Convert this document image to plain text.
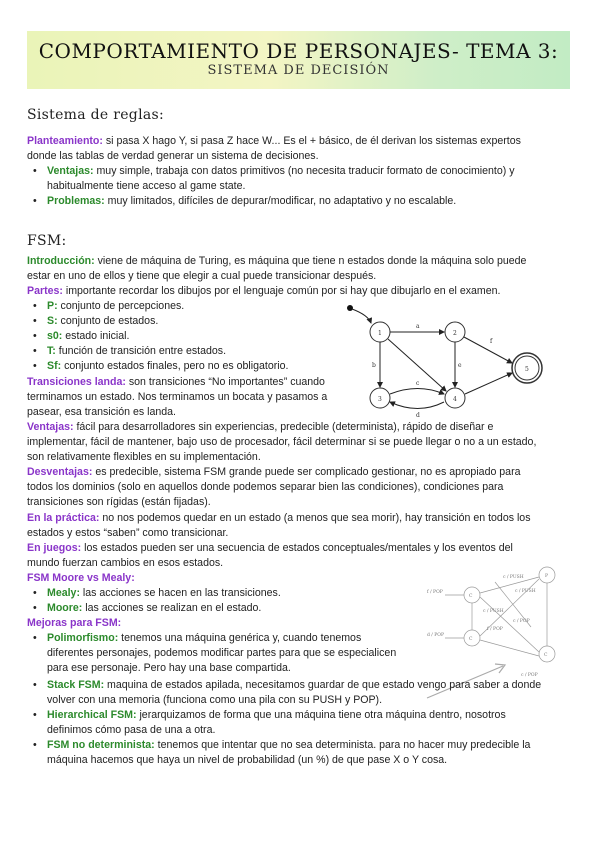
COMPORTAMIENTO DE PERSONAJES- TEMA 3:
SISTEMA DE DECISIÓN
Sistema de reglas:
Planteamiento: si pasa X hago Y, si pasa Z hace W... Es el + básico, de él derivan los sistemas expertos
donde las tablas de verdad generar un sistema de decisiones.
• Ventajas: muy simple, trabaja con datos primitivos (no necesita traducir formato de conocimiento) y
habitualmente tiene acceso al game state.
• Problemas: muy limitados, difíciles de depurar/modificar, no adaptativo y no escalable.
FSM:
Introducción: viene de máquina de Turing, es máquina que tiene n estados donde la máquina solo puede
estar en uno de ellos y tiene que elegir a cual puede transicionar después.
Partes: importante recordar los dibujos por el lenguaje común por si hay que dibujarlo en el examen.
• P: conjunto de percepciones.
• S: conjunto de estados.
• s0: estado inicial.
• T: función de transición entre estados.
• Sf: conjunto estados finales, pero no es obligatorio.
Transiciones landa: son transiciones “No importantes” cuando
terminamos un estado. Nos terminamos un bocata y pasamos a
pasear, esa transición es landa.
1	2
3	4
5
a
b
c
d
e
f
Ventajas: fácil para desarrolladores sin experiencias, predecible (determinista), rápido de diseñar e
implementar, fácil de mantener, bajo uso de procesador, fácil determinar si se puede llegar o no a un estado,
son relativamente flexibles en su implementación.
Desventajas: es predecible, sistema FSM grande puede ser complicado gestionar, no es apropiado para
todos los dominios (solo en aquellos donde podemos separar bien las condiciones), condiciones para
transiciones son rígidas (están fijadas).
En la práctica: no nos podemos quedar en un estado (a menos que sea morir), hay transición en todos los
estados y estos “saben” como transicionar.
En juegos: los estados pueden ser una secuencia de estados conceptuales/mentales y los eventos del
mundo fuerzan cambios en esos estados.
FSM Moore vs Mealy:
• Mealy: las acciones se hacen en las transiciones.
• Moore: las acciones se realizan en el estado.
Mejoras para FSM:
• Polimorfismo: tenemos una máquina genérica y, cuando tenemos
diferentes personajes, podemos modificar partes para que se especialicen
para ese personaje. Pero hay una base compartida.
C
C
C
P
c / PUSH
c / PUSH
c / PUSH
f / POP
c / POP
d / POP
f / POP
c / POP
• Stack FSM: maquina de estados apilada, necesitamos guardar de que estado vengo para saber a donde
volver con una memoria (funciona como una pila con su PUSH y POP).
• Hierarchical FSM: jerarquizamos de forma que una máquina tiene otra máquina dentro, nosotros
definimos cómo pasa de una a otra.
• FSM no determinista: tenemos que intentar que no sea determinista. para no hacer muy predecible la
máquina hacemos que haya un nivel de probabilidad (un %) de que pase X o Y cosa.
